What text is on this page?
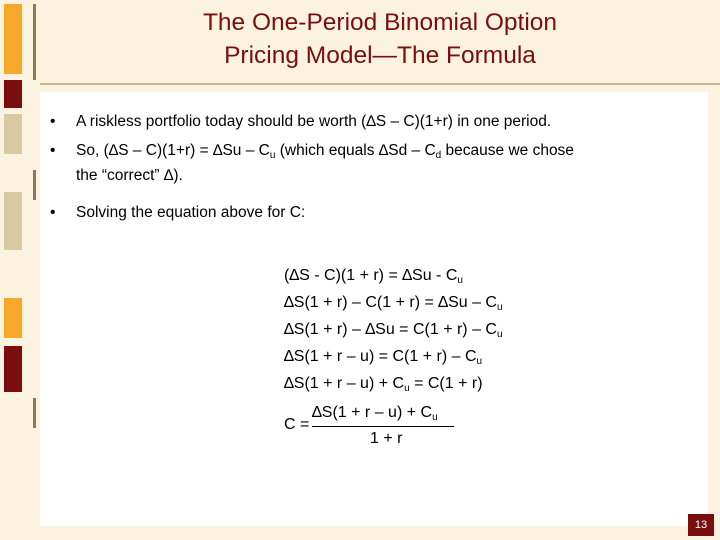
The One-Period Binomial Option
Pricing Model—The Formula
• A riskless portfolio today should be worth (∆S – C)(1+r) in one period.
• So, $(\Delta S - C)(1+r) = \Delta Su - C_u$ (which equals $\Delta Sd - C_d$ because we chose
the “correct” ∆).
• Solving the equation above for C:
$(\Delta S - C)(1 + r) = \Delta Su - C_u$
$\Delta S(1 + r) - C(1 + r) = \Delta Su - C_u$
$\Delta S(1 + r) - \Delta Su = C(1 + r) - C_u$
$\Delta S(1 + r - u) = C(1 + r) - C_u$
$\Delta S(1 + r - u) + C_u = C(1 + r)$
C =
$\Delta S(1 + r - u) + C_u$
1 + r
13
